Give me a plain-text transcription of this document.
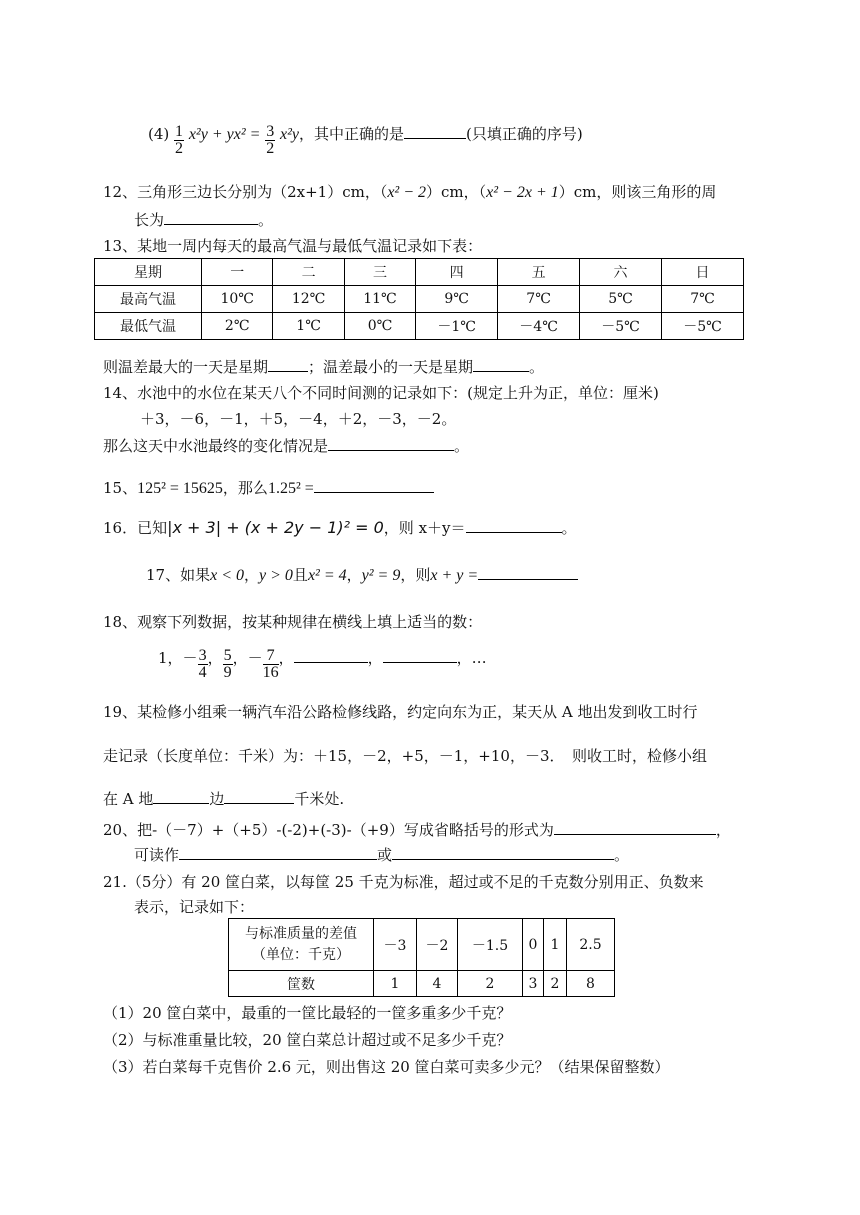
$(4) \frac{1}{2} x^2y + yx^2 = \frac{3}{2} x^2y$，其中正确的是	(只填正确的序号)
12、三角形三边长分别为（2x+1）cm，（x² − 2）cm，（x² − 2x + 1）cm，则该三角形的周
长为	。
13、某地一周内每天的最高气温与最低气温记录如下表：
星期	一	二	三	四	五	六	日
最高气温	10℃	12℃	11℃	9℃	7℃	5℃	7℃
最低气温	2℃	1℃	0℃	－1℃	－4℃	－5℃	－5℃
则温差最大的一天是星期	；温差最小的一天是星期	。
14、水池中的水位在某天八个不同时间测的记录如下：(规定上升为正，单位：厘米)
＋3，－6，－1，＋5，－4，＋2，－3，－2。
那么这天中水池最终的变化情况是	。
15、125² = 15625，那么1.25² =
16．已知|x + 3| + (x + 2y − 1)² = 0，则 x＋y＝	。
17、如果x < 0，y > 0且x² = 4，y² = 9，则x + y =
18、观察下列数据，按某种规律在横线上填上适当的数：
1，－ $\frac{3}{4}$ ， $\frac{5}{9}$ ，－ $\frac{7}{16}$ ，	，	，…
19、某检修小组乘一辆汽车沿公路检修线路，约定向东为正，某天从 A 地出发到收工时行
走记录（长度单位：千米）为：＋15，－2，+5，－1，+10，－3．　则收工时，检修小组
在 A 地	边	千米处.
20、把-（－7）+（+5）-(-2)+(-3)-（+9）写成省略括号的形式为	，
可读作	或	。
21.（5分）有 20 筐白菜，以每筐 25 千克为标准，超过或不足的千克数分别用正、负数来
表示，记录如下：
与标准质量的差值
（单位：千克）	－3	－2	－1.5	0	1	2.5
筐数	1	4	2	3	2	8
（1）20 筐白菜中，最重的一筐比最轻的一筐多重多少千克？
（2）与标准重量比较，20 筐白菜总计超过或不足多少千克？
（3）若白菜每千克售价 2.6 元，则出售这 20 筐白菜可卖多少元？（结果保留整数）
